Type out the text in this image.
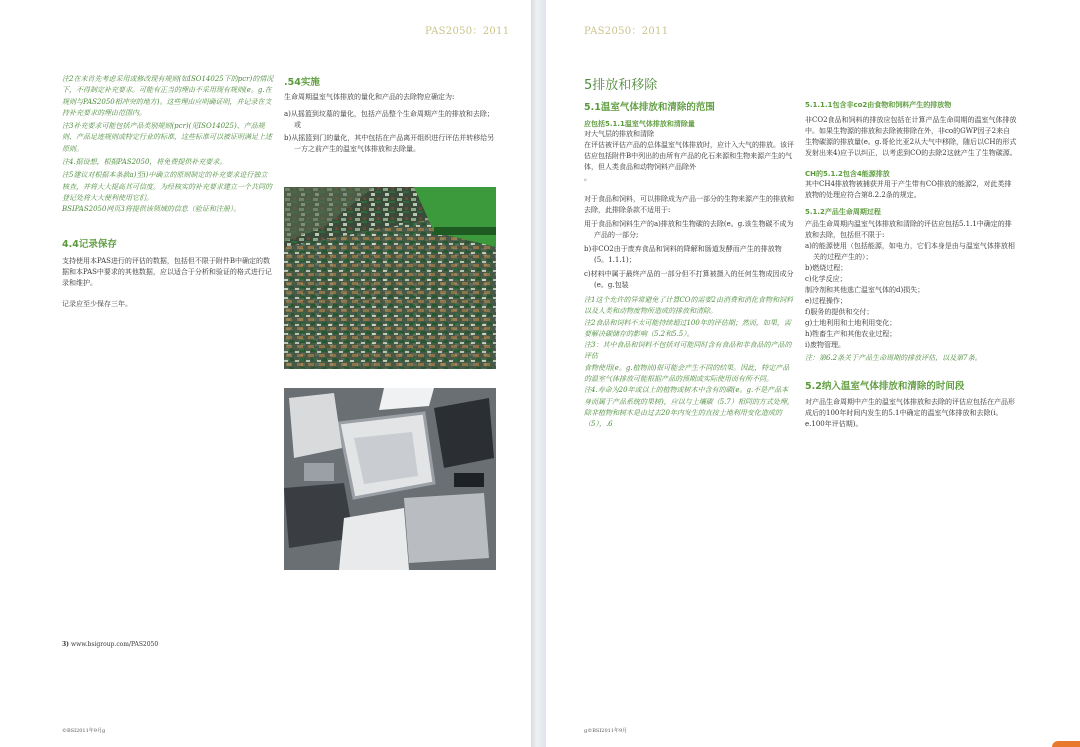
PAS2050：2011

注2在未首先考虑采用或修改现有规则(如ISO14025下的pcr)的情况下，不得制定补充要求。可能有正当的理由不采用现有规则(e。g.在规则与PAS2050相冲突的地方)。这些理由应明确证明，并记录在支持补充要求的理由范围内。

注3补充要求可能包括产品类别规则(pcr)(见ISO14025)、产品规则、产品足迹规则或特定行业的标准，这些标准可以被证明满足上述原则。

注4.据设想，根据PAS2050，将免费提供补充要求。

注5建议对根据本条款a)至i)中确立的原则制定的补充要求进行独立核查，并将大大提高其可信度。为经核实的补充要求建立一个共同的登记处将大大便利使用它们。

BSIPAS2050网页3将提供该领域的信息（验证和注册）。

4.4记录保存

支持使用本PAS进行的评估的数据，包括但不限于附件B中确定的数据和本PAS中要求的其他数据，应以适合于分析和验证的格式进行记录和维护。

记录应至少保存三年。

.54实施

生命周期温室气体排放的量化和产品的去除物应确定为:

a)从摇篮到坟墓的量化，包括产品整个生命周期产生的排放和去除；或

b)从摇篮到门的量化，其中包括在产品离开组织进行评估并转移给另一方之前产生的温室气体排放和去除量。

3) www.bsigroup.com/PAS2050
©BSI2011年9月g
PAS2050：2011

5排放和移除

5.1温室气体排放和清除的范围

应包括5.1.1温室气体排放和清除量

对大气层的排放和清除

在评估被评估产品的总体温室气体排放时，应计入大气的排放。该评估应包括附件B中列出的由所有产品的化石来源和生物来源产生的气体，但人类食品和动物饲料产品除外

。

对于食品和饲料，可以排除成为产品一部分的生物来源产生的排放和去除，此排除条款不适用于:

用于食品和饲料生产的a)排放和生物碳的去除(e。g.该生物碳不成为产品的一部分;

b)非CO2由于废弃食品和饲料的降解和肠道发酵而产生的排放物(5。1.1.1)；

c)材料中属于最终产品的一部分但不打算被摄入的任何生物成因成分(e。g.包装

注1这个允许的异常避免了计算CO的需要2由消费和消化食物和饲料以及人类和动物废物所造成的排放和清除。

注2食品和饲料不太可能持续超过100年的评估期；然而，如果，需要解决碳储存的影响（5.2和5.5）。

注3：其中食品和饲料不包括对可能同时含有食品和非食品的产品的评估

食物使用(e。g.植物油)很可能会产生不同的结果。因此，特定产品的温室气体排放可能根据产品的预期或实际使用而有所不同。

注4.寿命为20年或以上的植物或树木中含有的碳(e。g.不是产品本身而属于产品系统的果树)，应以与土壤碳（5.7）相同的方式处理，除非植物和树木是由过去20年内发生的直接土地利用变化造成的（5），.6

5.1.1.1包含非co2由食物和饲料产生的排放物

非CO2食品和饲料的排放应包括在计算产品生命周期的温室气体排放中。如果生物源的排放和去除被排除在外，非co的GWP因子2来自生物碳源的排放量(e。g.哥伦比亚2从大气中移除，随后以CH的形式发射出来4)应予以纠正，以考虑到CO的去除2这就产生了生物碳源。

CH的5.1.2包含4能源排放

其中CH4排放物被捕获并用于产生带有CO排放的能源2，对此类排放物的处理应符合第8.2.2条的规定。

5.1.2产品生命周期过程

产品生命周期内温室气体排放和清除的评估应包括5.1.1中确定的排放和去除，包括但不限于:

a)的能源使用（包括能源，如电力，它们本身是由与温室气体排放相关的过程产生的）；

b)燃烧过程；

c)化学反应；

制冷剂和其他逃亡温室气体的d)损失；

e)过程操作；

f)服务的提供和交付；

g)土地利用和土地利用变化；

h)牲畜生产和其他农业过程；

i)废物管理。

注：第6.2条关于产品生命周期的排放评估，以及第7条。

5.2纳入温室气体排放和清除的时间段

对产品生命周期中产生的温室气体排放和去除的评估应包括在产品形成后的100年时间内发生的5.1中确定的温室气体排放和去除(i。e.100年评估期)。

g©BSI2011年9月
